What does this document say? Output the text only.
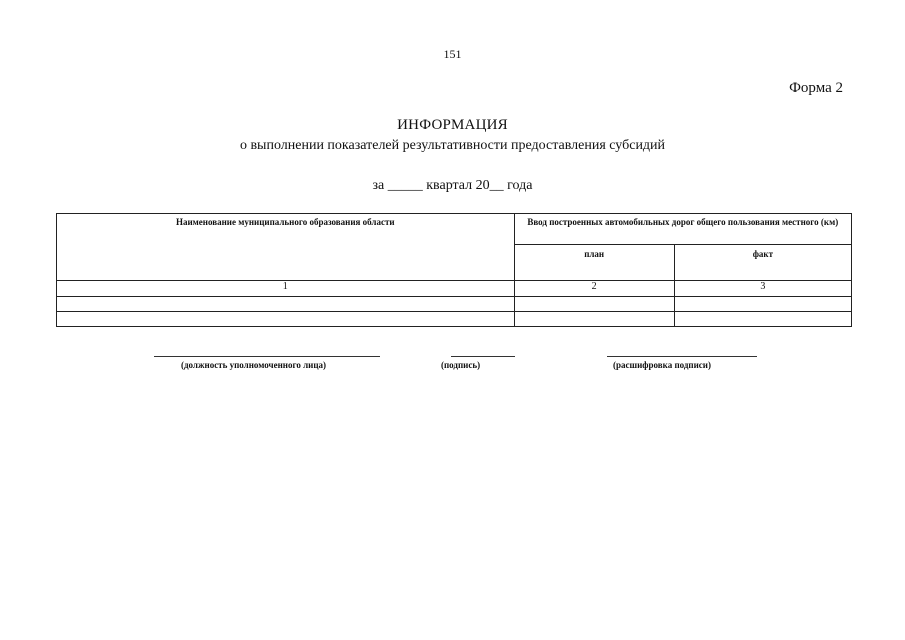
151
Форма 2
ИНФОРМАЦИЯ
о выполнении показателей результативности предоставления субсидий
за _____ квартал 20__ года
Наименование муниципального образования области	Ввод построенных автомобильных дорог общего пользования местного (км)	
	план	факт
1	2	3

(должность уполномоченного лица)	(подпись)	(расшифровка подписи)
